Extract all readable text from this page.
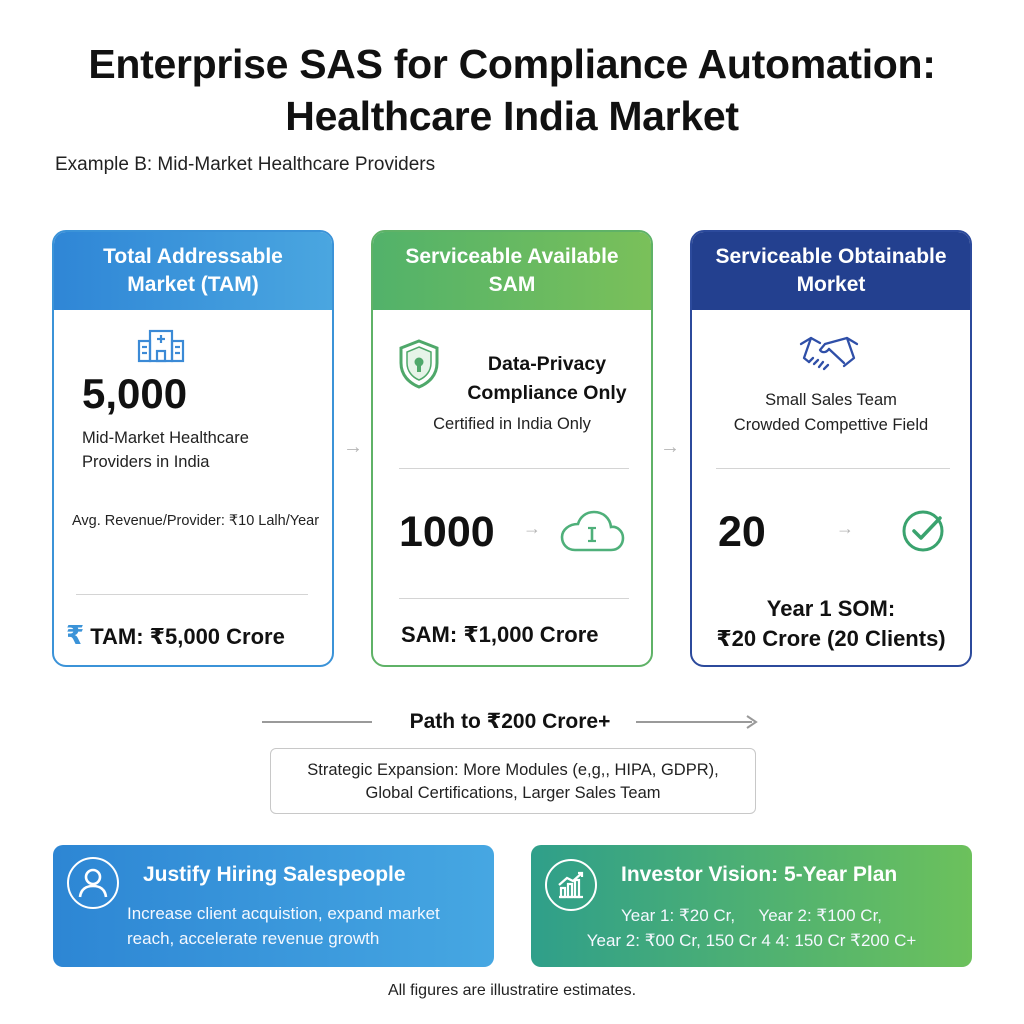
Enterprise SAS for Compliance Automation:
Healthcare India Market
Example B: Mid-Market Healthcare Providers
Total Addressable
Market (TAM)
5,000
Mid-Market Healthcare
Providers in India
Avg. Revenue/Provider: ₹10 Lalh/Year
₹ TAM: ₹5,000 Crore
→
Serviceable Available
SAM
Data-Privacy
Compliance Only
Certified in India Only
1000 →
SAM: ₹1,000 Crore
→
Serviceable Obtainable
Morket
Small Sales Team
Crowded Compettive Field
20	→
Year 1 SOM:
₹20 Crore (20 Clients)
Path to ₹200 Crore+
Strategic Expansion: More Modules (e,g,, HIPA, GDPR),
Global Certifications, Larger Sales Team
Justify Hiring Salespeople
Increase client acquistion, expand market
reach, accelerate revenue growth
Investor Vision: 5-Year Plan
Year 1: ₹20 Cr,     Year 2: ₹100 Cr,
Year 2: ₹00 Cr, 150 Cr 4 4: 150 Cr ₹200 C+
All figures are illustratire estimates.
